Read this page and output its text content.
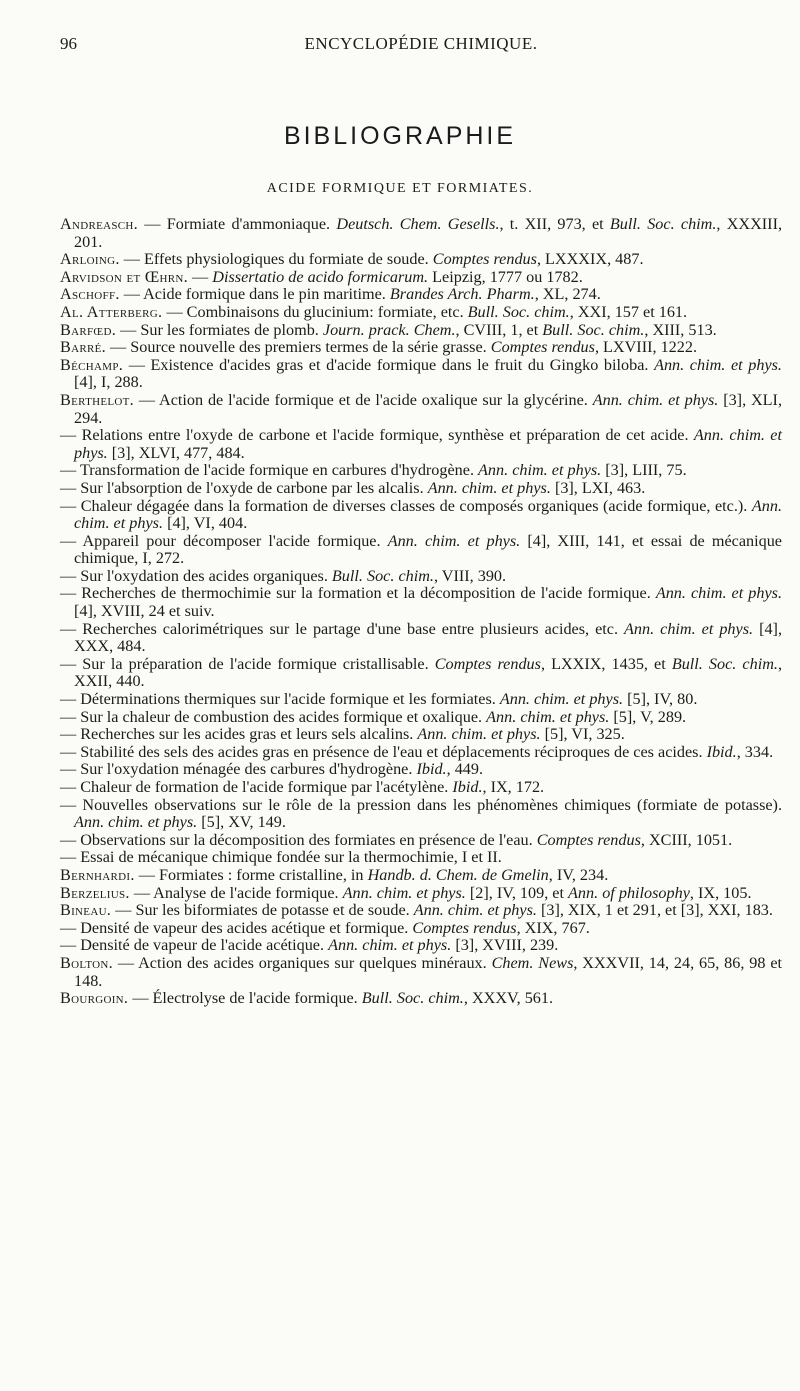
96	ENCYCLOPÉDIE CHIMIQUE.
BIBLIOGRAPHIE
ACIDE FORMIQUE ET FORMIATES.

Andreasch. — Formiate d'ammoniaque. Deutsch. Chem. Gesells., t. XII, 973, et Bull. Soc. chim., XXXIII, 201.

Arloing. — Effets physiologiques du formiate de soude. Comptes rendus, LXXXIX, 487.

Arvidson et Œhrn. — Dissertatio de acido formicarum. Leipzig, 1777 ou 1782.

Aschoff. — Acide formique dans le pin maritime. Brandes Arch. Pharm., XL, 274.

Al. Atterberg. — Combinaisons du glucinium: formiate, etc. Bull. Soc. chim., XXI, 157 et 161.

Barfœd. — Sur les formiates de plomb. Journ. prack. Chem., CVIII, 1, et Bull. Soc. chim., XIII, 513.

Barré. — Source nouvelle des premiers termes de la série grasse. Comptes rendus, LXVIII, 1222.

Béchamp. — Existence d'acides gras et d'acide formique dans le fruit du Gingko biloba. Ann. chim. et phys. [4], I, 288.

Berthelot. — Action de l'acide formique et de l'acide oxalique sur la glycérine. Ann. chim. et phys. [3], XLI, 294.

— Relations entre l'oxyde de carbone et l'acide formique, synthèse et préparation de cet acide. Ann. chim. et phys. [3], XLVI, 477, 484.

— Transformation de l'acide formique en carbures d'hydrogène. Ann. chim. et phys. [3], LIII, 75.

— Sur l'absorption de l'oxyde de carbone par les alcalis. Ann. chim. et phys. [3], LXI, 463.

— Chaleur dégagée dans la formation de diverses classes de composés organiques (acide formique, etc.). Ann. chim. et phys. [4], VI, 404.

— Appareil pour décomposer l'acide formique. Ann. chim. et phys. [4], XIII, 141, et essai de mécanique chimique, I, 272.

— Sur l'oxydation des acides organiques. Bull. Soc. chim., VIII, 390.

— Recherches de thermochimie sur la formation et la décomposition de l'acide formique. Ann. chim. et phys. [4], XVIII, 24 et suiv.

— Recherches calorimétriques sur le partage d'une base entre plusieurs acides, etc. Ann. chim. et phys. [4], XXX, 484.

— Sur la préparation de l'acide formique cristallisable. Comptes rendus, LXXIX, 1435, et Bull. Soc. chim., XXII, 440.

— Déterminations thermiques sur l'acide formique et les formiates. Ann. chim. et phys. [5], IV, 80.

— Sur la chaleur de combustion des acides formique et oxalique. Ann. chim. et phys. [5], V, 289.

— Recherches sur les acides gras et leurs sels alcalins. Ann. chim. et phys. [5], VI, 325.

— Stabilité des sels des acides gras en présence de l'eau et déplacements réciproques de ces acides. Ibid., 334.

— Sur l'oxydation ménagée des carbures d'hydrogène. Ibid., 449.

— Chaleur de formation de l'acide formique par l'acétylène. Ibid., IX, 172.

— Nouvelles observations sur le rôle de la pression dans les phénomènes chimiques (formiate de potasse). Ann. chim. et phys. [5], XV, 149.

— Observations sur la décomposition des formiates en présence de l'eau. Comptes rendus, XCIII, 1051.

— Essai de mécanique chimique fondée sur la thermochimie, I et II.

Bernhardi. — Formiates : forme cristalline, in Handb. d. Chem. de Gmelin, IV, 234.

Berzelius. — Analyse de l'acide formique. Ann. chim. et phys. [2], IV, 109, et Ann. of philosophy, IX, 105.

Bineau. — Sur les biformiates de potasse et de soude. Ann. chim. et phys. [3], XIX, 1 et 291, et [3], XXI, 183.

— Densité de vapeur des acides acétique et formique. Comptes rendus, XIX, 767.

— Densité de vapeur de l'acide acétique. Ann. chim. et phys. [3], XVIII, 239.

Bolton. — Action des acides organiques sur quelques minéraux. Chem. News, XXXVII, 14, 24, 65, 86, 98 et 148.

Bourgoin. — Électrolyse de l'acide formique. Bull. Soc. chim., XXXV, 561.
